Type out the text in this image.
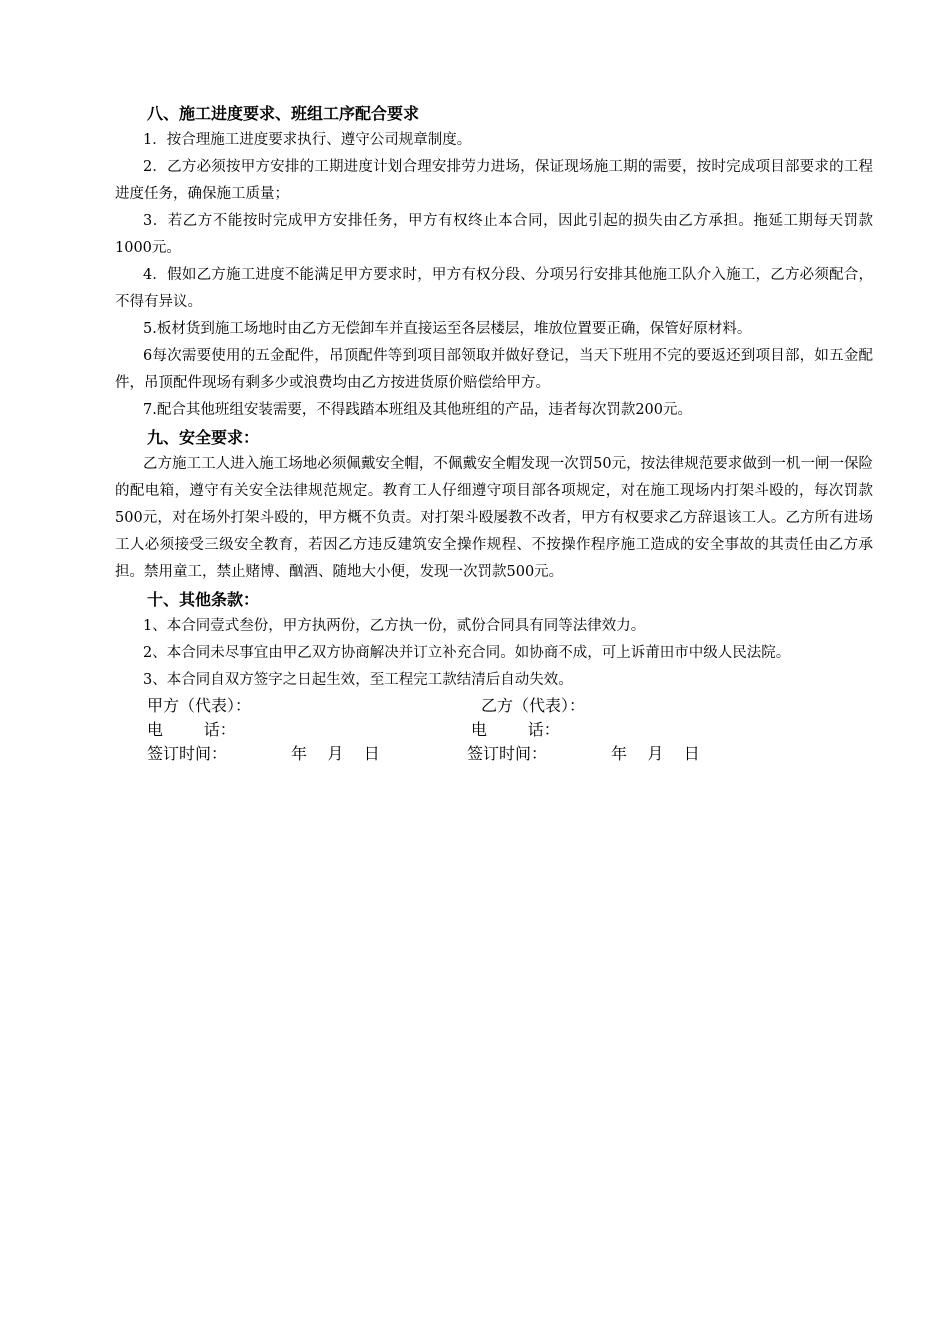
八、施工进度要求、班组工序配合要求

1．按合理施工进度要求执行、遵守公司规章制度。

2．乙方必须按甲方安排的工期进度计划合理安排劳力进场，保证现场施工期的需要，按时完成项目部要求的工程进度任务，确保施工质量；

3．若乙方不能按时完成甲方安排任务，甲方有权终止本合同，因此引起的损失由乙方承担。拖延工期每天罚款1000元。

4．假如乙方施工进度不能满足甲方要求时，甲方有权分段、分项另行安排其他施工队介入施工，乙方必须配合，不得有异议。

5.板材货到施工场地时由乙方无偿卸车并直接运至各层楼层，堆放位置要正确，保管好原材料。

6每次需要使用的五金配件，吊顶配件等到项目部领取并做好登记，当天下班用不完的要返还到项目部，如五金配件，吊顶配件现场有剩多少或浪费均由乙方按进货原价赔偿给甲方。

7.配合其他班组安装需要，不得践踏本班组及其他班组的产品，违者每次罚款200元。

九、安全要求：

乙方施工工人进入施工场地必须佩戴安全帽，不佩戴安全帽发现一次罚50元，按法律规范要求做到一机一闸一保险的配电箱，遵守有关安全法律规范规定。教育工人仔细遵守项目部各项规定，对在施工现场内打架斗殴的，每次罚款500元，对在场外打架斗殴的，甲方概不负责。对打架斗殴屡教不改者，甲方有权要求乙方辞退该工人。乙方所有进场工人必须接受三级安全教育，若因乙方违反建筑安全操作规程、不按操作程序施工造成的安全事故的其责任由乙方承担。禁用童工，禁止赌博、酗酒、随地大小便，发现一次罚款500元。

十、其他条款：

1、本合同壹式叁份，甲方执两份，乙方执一份，贰份合同具有同等法律效力。

2、本合同未尽事宜由甲乙双方协商解决并订立补充合同。如协商不成，可上诉莆田市中级人民法院。

3、本合同自双方签字之日起生效，至工程完工款结清后自动失效。

甲方（代表）：	乙方（代表）：
电        话：	电        话：
签订时间：	年    月    日	签订时间：	年    月    日
